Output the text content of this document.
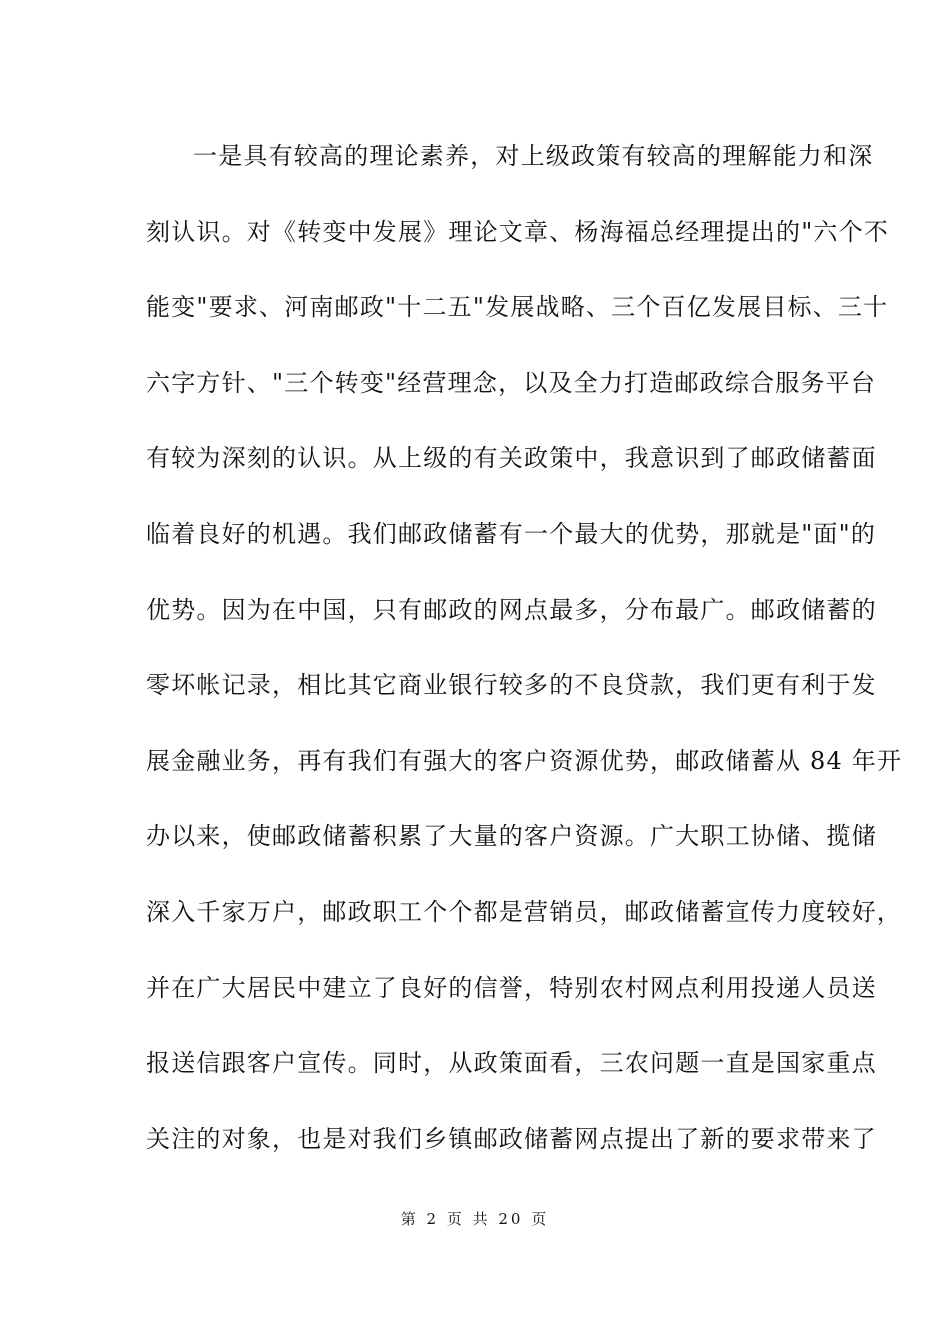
一是具有较高的理论素养，对上级政策有较高的理解能力和深
刻认识。对《转变中发展》理论文章、杨海福总经理提出的"六个不
能变"要求、河南邮政"十二五"发展战略、三个百亿发展目标、三十
六字方针、"三个转变"经营理念，以及全力打造邮政综合服务平台
有较为深刻的认识。从上级的有关政策中，我意识到了邮政储蓄面
临着良好的机遇。我们邮政储蓄有一个最大的优势，那就是"面"的
优势。因为在中国，只有邮政的网点最多，分布最广。邮政储蓄的
零坏帐记录，相比其它商业银行较多的不良贷款，我们更有利于发
展金融业务，再有我们有强大的客户资源优势，邮政储蓄从 84 年开
办以来，使邮政储蓄积累了大量的客户资源。广大职工协储、揽储
深入千家万户，邮政职工个个都是营销员，邮政储蓄宣传力度较好，
并在广大居民中建立了良好的信誉，特别农村网点利用投递人员送
报送信跟客户宣传。同时，从政策面看，三农问题一直是国家重点
关注的对象，也是对我们乡镇邮政储蓄网点提出了新的要求带来了
第 2 页 共 20 页
